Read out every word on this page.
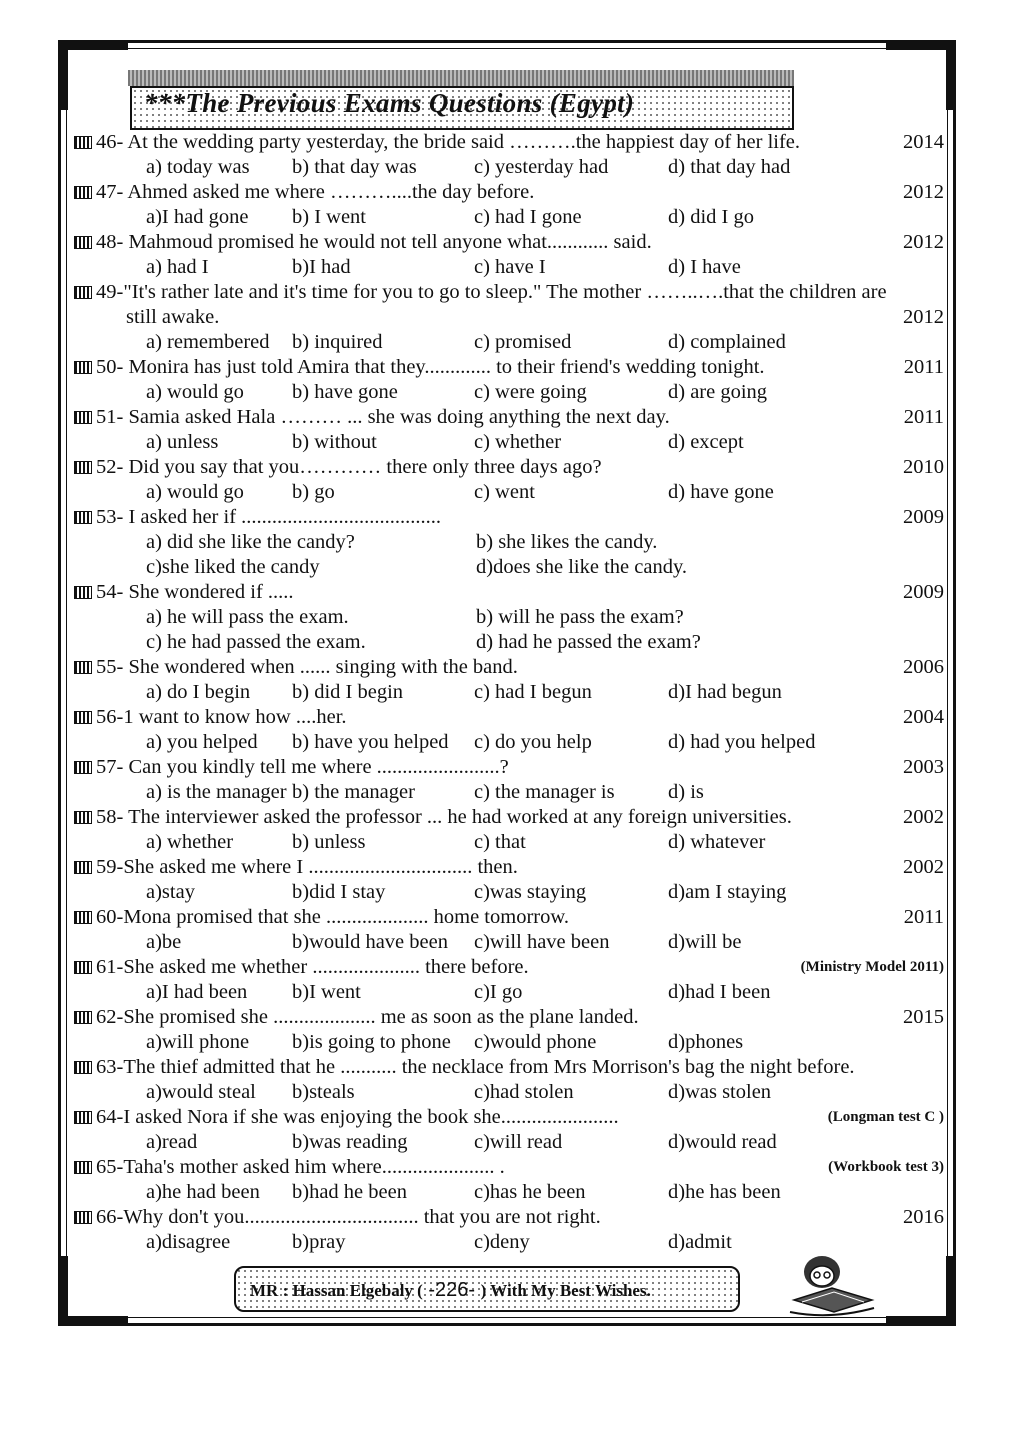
***The Previous Exams Questions (Egypt)
46- At the wedding party yesterday, the bride said ……….the happiest day of her life.	2014
a) today was b) that day was	c) yesterday had	d) that day had
47- Ahmed asked me where ………....the day before.	2012
a)I had gone b) I went	c) had I gone	d) did I go
48- Mahmoud promised he would not tell anyone what............ said.	2012
a) had I	b)I had	c) have I	d) I have
49-"It's rather late and it's time for you to go to sleep." The mother ……..….that the children are
still awake.	2012
a) remembered b) inquired	c) promised	d) complained
50- Monira has just told Amira that they............. to their friend's wedding tonight.	2011
a) would go b) have gone	c) were going	d) are going
51- Samia asked Hala ……… ... she was doing anything the next day.	2011
a) unless	b) without	c) whether	d) except
52- Did you say that you………… there only three days ago?	2010
a) would go b) go	c) went	d) have gone
53- I asked her if .......................................	2009
a) did she like the candy?	b) she likes the candy.
c)she liked the candy	d)does she like the candy.
54- She wondered if .....	2009
a) he will pass the exam.	b) will he pass the exam?
c) he had passed the exam.	d) had he passed the exam?
55- She wondered when ...... singing with the band.	2006
a) do I begin b) did I begin	c) had I begun	d)I had begun
56-1 want to know how ....her.	2004
a) you helped b) have you helped c) do you help	d) had you helped
57- Can you kindly tell me where ........................?	2003
a) is the manager b) the manager	c) the manager is	d) is
58- The interviewer asked the professor ... he had worked at any foreign universities.	2002
a) whether	b) unless	c) that	d) whatever
59-She asked me where I ................................ then.	2002
a)stay	b)did I stay	c)was staying	d)am I staying
60-Mona promised that she .................... home tomorrow.	2011
a)be	b)would have been c)will have been	d)will be
61-She asked me whether ..................... there before.	(Ministry Model 2011)
a)I had been b)I went	c)I go	d)had I been
62-She promised she .................... me as soon as the plane landed.	2015
a)will phone b)is going to phone c)would phone	d)phones
63-The thief admitted that he ........... the necklace from Mrs Morrison's bag the night before.
a)would steal b)steals	c)had stolen	d)was stolen
64-I asked Nora if she was enjoying the book she.......................	(Longman test C )
a)read	b)was reading	c)will read	d)would read
65-Taha's mother asked him where...................... .	(Workbook test 3)
a)he had been b)had he been	c)has he been	d)he has been
66-Why don't you.................................. that you are not right.	2016
a)disagree	b)pray	c)deny	d)admit
MR : Hassan Elgebaly ( -226- ) With My Best Wishes.
